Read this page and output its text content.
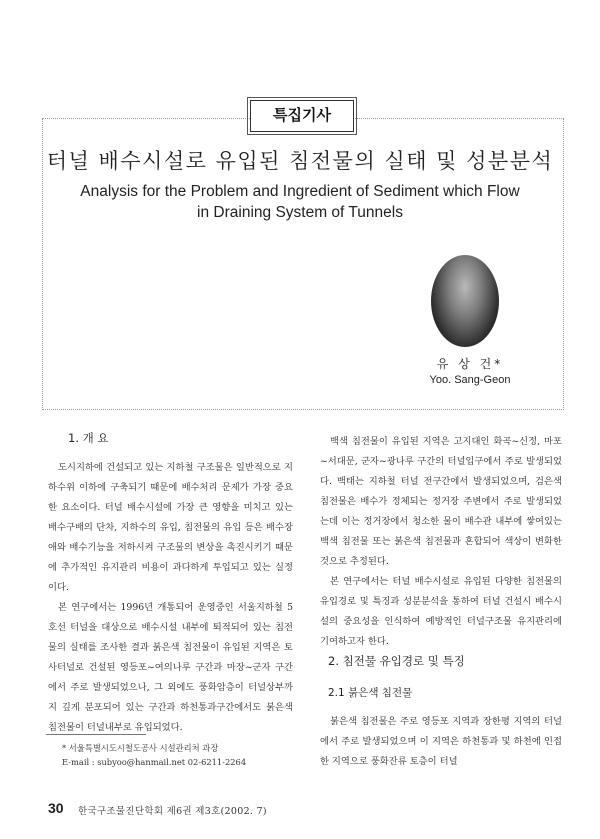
특집기사
터널 배수시설로 유입된 침전물의 실태 및 성분분석
Analysis for the Problem and Ingredient of Sediment which Flow
in Draining System of Tunnels
유 상 건*
Yoo. Sang-Geon
1. 개 요

도시지하에 건설되고 있는 지하철 구조물은 일반적으로 지하수위 이하에 구축되기 때문에 배수처리 문제가 가장 중요한 요소이다. 터널 배수시설에 가장 큰 영향을 미치고 있는 배수구배의 단차, 지하수의 유입, 침전물의 유입 등은 배수장애와 배수기능을 저하시켜 구조물의 변상을 촉진시키기 때문에 추가적인 유지관리 비용이 과다하게 투입되고 있는 실정이다.

본 연구에서는 1996년 개통되어 운영중인 서울지하철 5호선 터널을 대상으로 배수시설 내부에 퇴적되어 있는 침전물의 실태를 조사한 결과 붉은색 침전물이 유입된 지역은 토사터널로 건설된 영등포~여의나루 구간과 마장~군자 구간에서 주로 발생되었으나, 그 외에도 풍화암층이 터널상부까지 깊게 분포되어 있는 구간과 하천통과구간에서도 붉은색 침전물이 터널내부로 유입되었다.

백색 침전물이 유입된 지역은 고지대인 화곡~신정, 마포~서대문, 군자~광나루 구간의 터널입구에서 주로 발생되었다. 백태는 지하철 터널 전구간에서 발생되었으며, 검은색 침전물은 배수가 정체되는 정거장 주변에서 주로 발생되었는데 이는 정거장에서 청소한 물이 배수관 내부에 쌓여있는 백색 침전물 또는 붉은색 침전물과 혼합되어 색상이 변화한 것으로 추정된다.

본 연구에서는 터널 배수시설로 유입된 다양한 침전물의 유입경로 및 특징과 성분분석을 통하여 터널 건설시 배수시설의 중요성을 인식하여 예방적인 터널구조물 유지관리에 기여하고자 한다.

2. 침전물 유입경로 및 특징
2.1 붉은색 침전물

붉은색 침전물은 주로 영등포 지역과 장한평 지역의 터널에서 주로 발생되었으며 이 지역은 하천통과 및 하천에 인접한 지역으로 풍화잔류 토층이 터널

* 서울특별시도시철도공사 시설관리처 과장
E-mail : subyoo@hanmail.net 02-6211-2264
30 한국구조물진단학회 제6권 제3호(2002. 7)
